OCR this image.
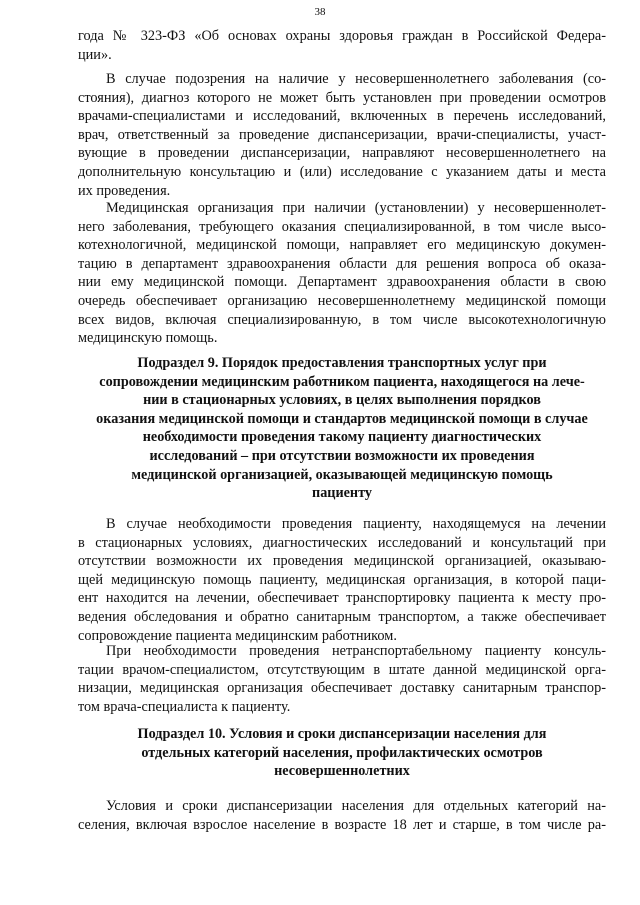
38
года № 323-ФЗ «Об основах охраны здоровья граждан в Российской Федера-
ции».
В случае подозрения на наличие у несовершеннолетнего заболевания (со-
стояния), диагноз которого не может быть установлен при проведении осмотров
врачами-специалистами и исследований, включенных в перечень исследований,
врач, ответственный за проведение диспансеризации, врачи-специалисты, участ-
вующие в проведении диспансеризации, направляют несовершеннолетнего на
дополнительную консультацию и (или) исследование с указанием даты и места
их проведения.
Медицинская организация при наличии (установлении) у несовершеннолет-
него заболевания, требующего оказания специализированной, в том числе высо-
котехнологичной, медицинской помощи, направляет его медицинскую докумен-
тацию в департамент здравоохранения области для решения вопроса об оказа-
нии ему медицинской помощи. Департамент здравоохранения области в свою
очередь обеспечивает организацию несовершеннолетнему медицинской помощи
всех видов, включая специализированную, в том числе высокотехнологичную
медицинскую помощь.
Подраздел 9. Порядок предоставления транспортных услуг при
сопровождении медицинским работником пациента, находящегося на лече-
нии в стационарных условиях, в целях выполнения порядков
оказания медицинской помощи и стандартов медицинской помощи в случае
необходимости проведения такому пациенту диагностических
исследований – при отсутствии возможности их проведения
медицинской организацией, оказывающей медицинскую помощь
пациенту
В случае необходимости проведения пациенту, находящемуся на лечении
в стационарных условиях, диагностических исследований и консультаций при
отсутствии возможности их проведения медицинской организацией, оказываю-
щей медицинскую помощь пациенту, медицинская организация, в которой паци-
ент находится на лечении, обеспечивает транспортировку пациента к месту про-
ведения обследования и обратно санитарным транспортом, а также обеспечивает
сопровождение пациента медицинским работником.
При необходимости проведения нетранспортабельному пациенту консуль-
тации врачом-специалистом, отсутствующим в штате данной медицинской орга-
низации, медицинская организация обеспечивает доставку санитарным транспор-
том врача-специалиста к пациенту.
Подраздел 10. Условия и сроки диспансеризации населения для
отдельных категорий населения, профилактических осмотров
несовершеннолетних
Условия и сроки диспансеризации населения для отдельных категорий на-
селения, включая взрослое население в возрасте 18 лет и старше, в том числе ра-
